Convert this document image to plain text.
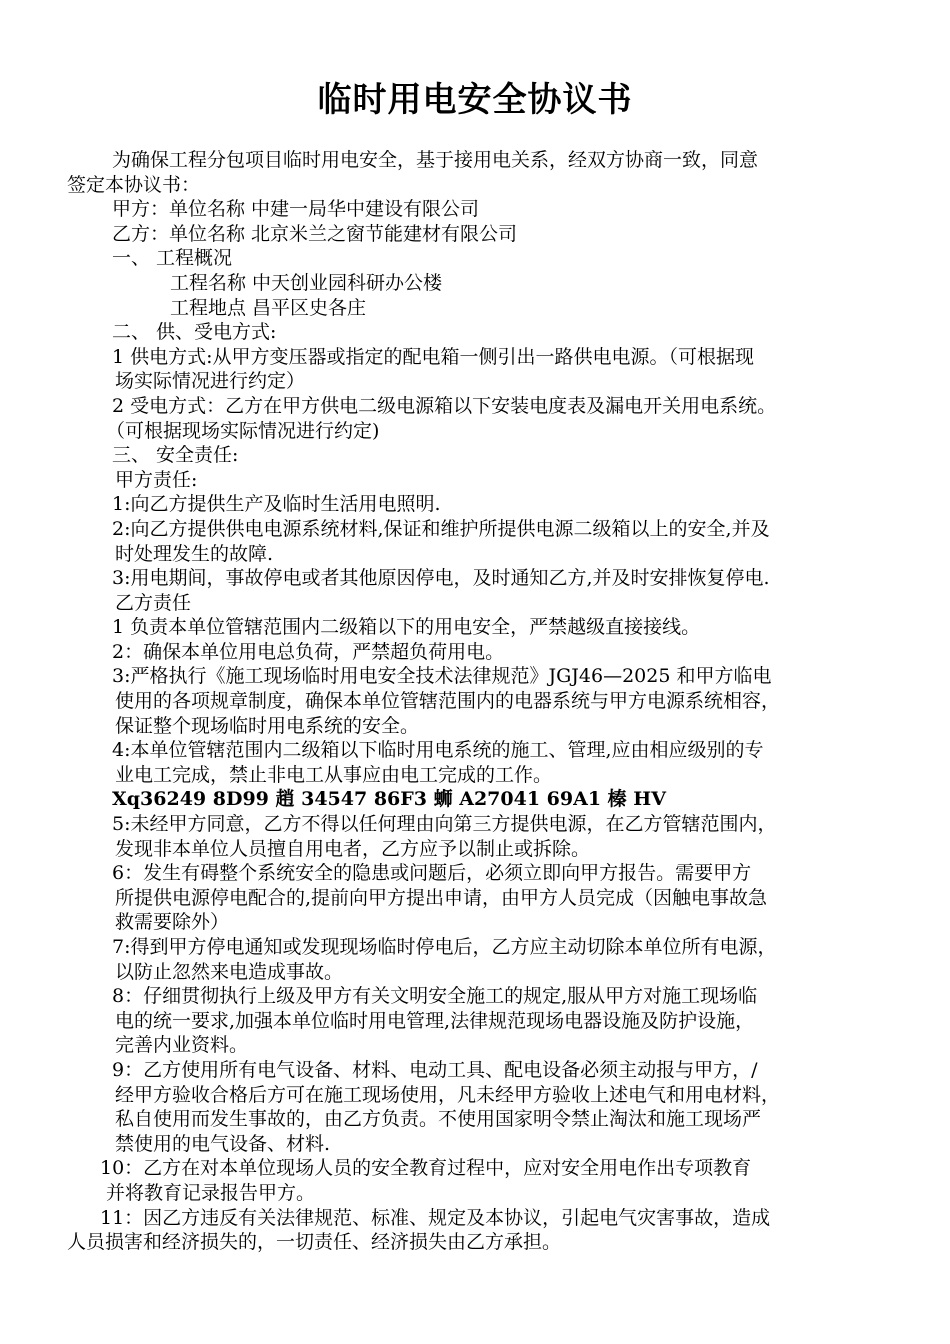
临时用电安全协议书
为确保工程分包项目临时用电安全，基于接用电关系，经双方协商一致，同意
签定本协议书：
甲方：单位名称 中建一局华中建设有限公司
乙方：单位名称 北京米兰之窗节能建材有限公司
一、 工程概况
工程名称 中天创业园科研办公楼
工程地点 昌平区史各庄
二、 供、受电方式:
1 供电方式:从甲方变压器或指定的配电箱一侧引出一路供电电源。（可根据现
场实际情况进行约定）
2 受电方式：乙方在甲方供电二级电源箱以下安装电度表及漏电开关用电系统。
（可根据现场实际情况进行约定)
三、 安全责任:
甲方责任:
1:向乙方提供生产及临时生活用电照明.
2:向乙方提供供电电源系统材料,保证和维护所提供电源二级箱以上的安全,并及
时处理发生的故障.
3:用电期间，事故停电或者其他原因停电，及时通知乙方,并及时安排恢复停电.
乙方责任
1 负责本单位管辖范围内二级箱以下的用电安全，严禁越级直接接线。
2：确保本单位用电总负荷，严禁超负荷用电。
3:严格执行《施工现场临时用电安全技术法律规范》JGJ46—2025 和甲方临电
使用的各项规章制度，确保本单位管辖范围内的电器系统与甲方电源系统相容，
保证整个现场临时用电系统的安全。
4:本单位管辖范围内二级箱以下临时用电系统的施工、管理,应由相应级别的专
业电工完成，禁止非电工从事应由电工完成的工作。
Xq36249 8D99 趙 34547 86F3 蛳 A27041 69A1 榛 HV
5:未经甲方同意，乙方不得以任何理由向第三方提供电源，在乙方管辖范围内，
发现非本单位人员擅自用电者，乙方应予以制止或拆除。
6：发生有碍整个系统安全的隐患或问题后，必须立即向甲方报告。需要甲方
所提供电源停电配合的,提前向甲方提出申请，由甲方人员完成（因触电事故急
救需要除外）
7:得到甲方停电通知或发现现场临时停电后，乙方应主动切除本单位所有电源，
以防止忽然来电造成事故。
8：仔细贯彻执行上级及甲方有关文明安全施工的规定,服从甲方对施工现场临
电的统一要求,加强本单位临时用电管理,法律规范现场电器设施及防护设施，
完善内业资料。
9：乙方使用所有电气设备、材料、电动工具、配电设备必须主动报与甲方，/
经甲方验收合格后方可在施工现场使用，凡未经甲方验收上述电气和用电材料，
私自使用而发生事故的，由乙方负责。不使用国家明令禁止淘汰和施工现场严
禁使用的电气设备、材料.
10：乙方在对本单位现场人员的安全教育过程中，应对安全用电作出专项教育
并将教育记录报告甲方。
11：因乙方违反有关法律规范、标准、规定及本协议，引起电气灾害事故，造成
人员损害和经济损失的，一切责任、经济损失由乙方承担。
